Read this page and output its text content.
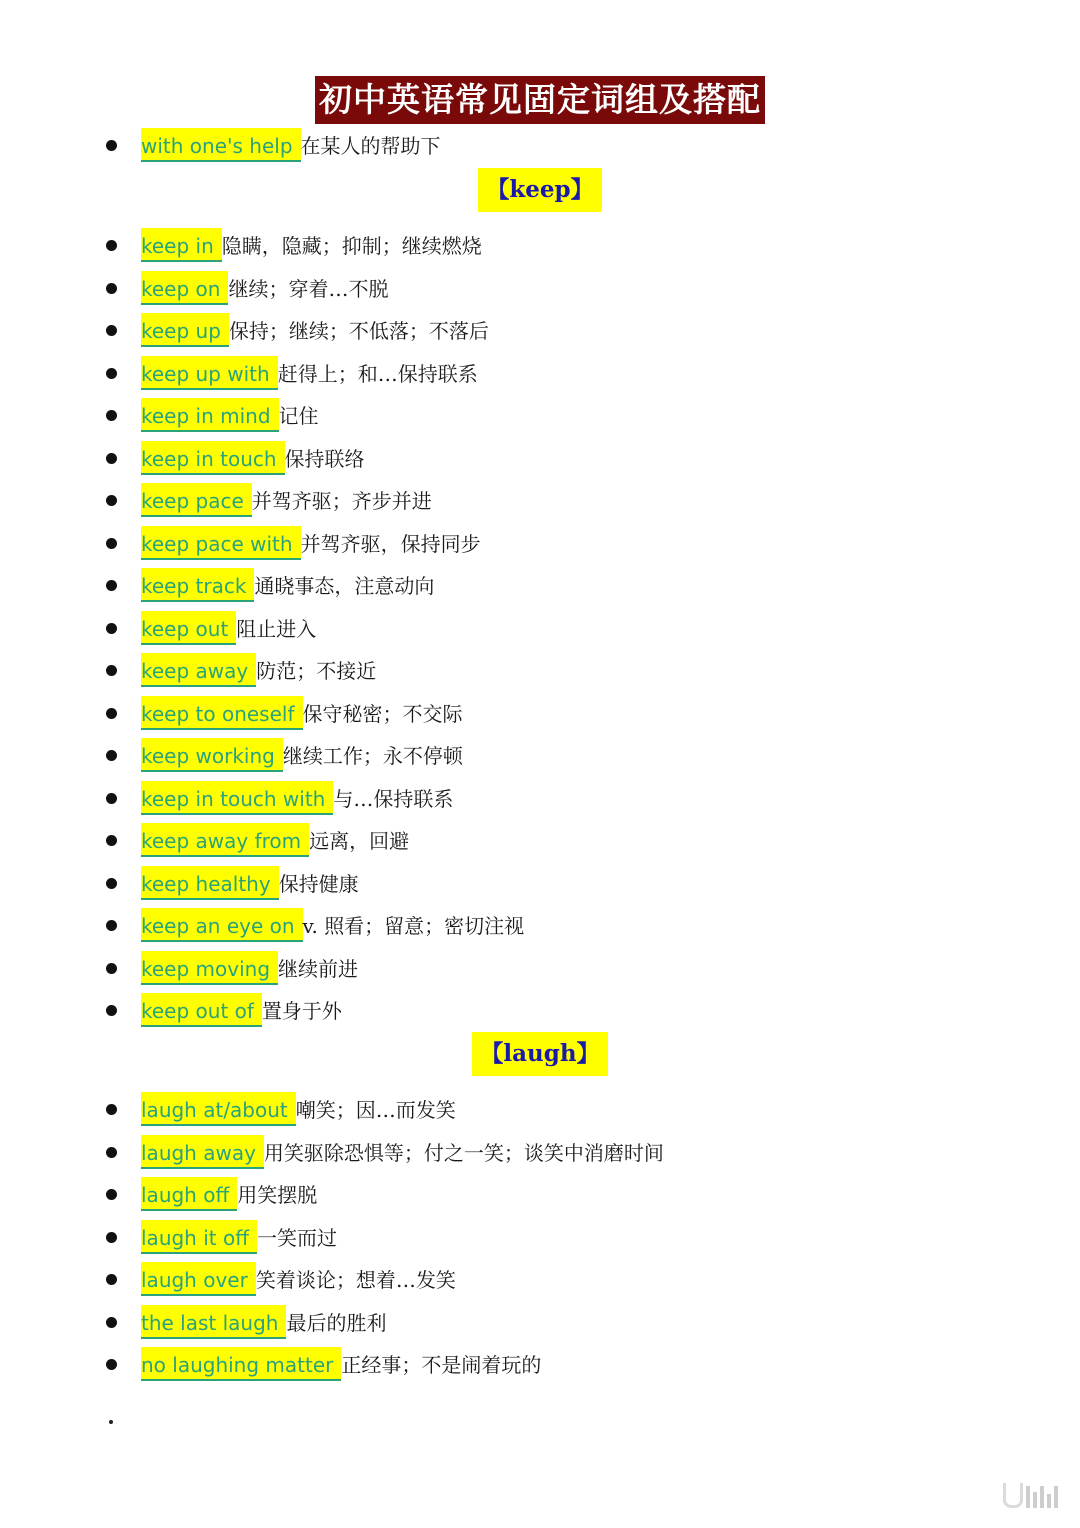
初中英语常见固定词组及搭配
with one's help 在某人的帮助下
【keep】
keep in 隐瞒，隐藏；抑制；继续燃烧
keep on 继续；穿着…不脱
keep up 保持；继续；不低落；不落后
keep up with 赶得上；和…保持联系
keep in mind 记住
keep in touch 保持联络
keep pace 并驾齐驱；齐步并进
keep pace with 并驾齐驱，保持同步
keep track 通晓事态，注意动向
keep out 阻止进入
keep away 防范；不接近
keep to oneself 保守秘密；不交际
keep working 继续工作；永不停顿
keep in touch with 与…保持联系
keep away from 远离，回避
keep healthy 保持健康
keep an eye on v. 照看；留意；密切注视
keep moving 继续前进
keep out of 置身于外
【laugh】
laugh at/about 嘲笑；因…而发笑
laugh away 用笑驱除恐惧等；付之一笑；谈笑中消磨时间
laugh off 用笑摆脱
laugh it off 一笑而过
laugh over 笑着谈论；想着…发笑
the last laugh 最后的胜利
no laughing matter 正经事；不是闹着玩的
